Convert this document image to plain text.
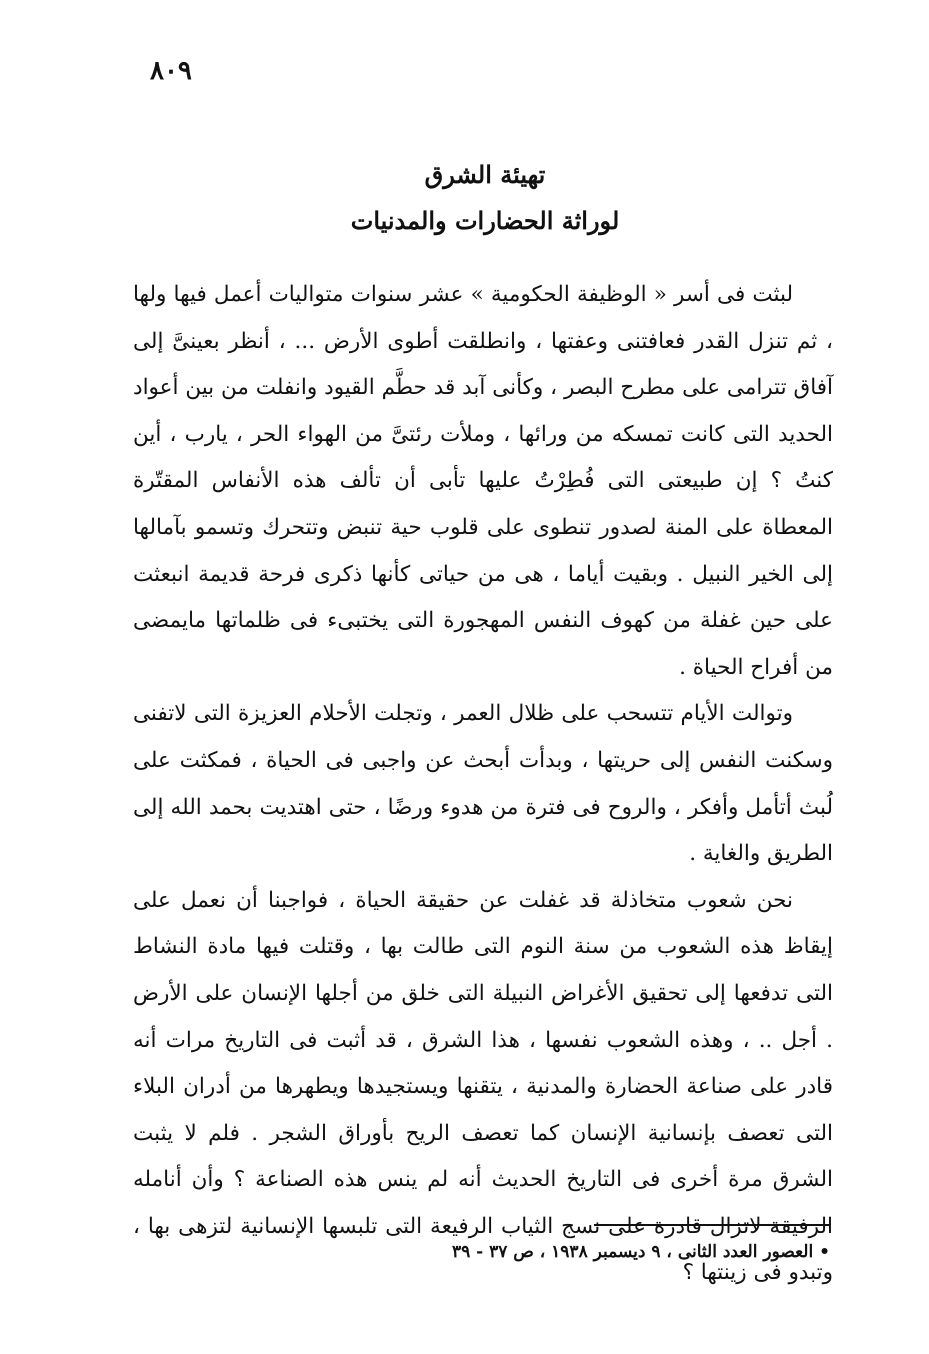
٨٠٩
تهيئة الشرق
لوراثة الحضارات والمدنيات

لبثت فى أسر « الوظيفة الحكومية » عشر سنوات متواليات أعمل فيها ولها ، ثم تنزل القدر فعافتنى وعفتها ، وانطلقت أطوى الأرض ... ، أنظر بعينىَّ إلى آفاق تترامى على مطرح البصر ، وكأنى آبد قد حطَّم القيود وانفلت من بين أعواد الحديد التى كانت تمسكه من ورائها ، وملأت رئتىَّ من الهواء الحر ، يارب ، أين كنتُ ؟ إن طبيعتى التى فُطِرْتُ عليها تأبى أن تألف هذه الأنفاس المقتّرة المعطاة على المنة لصدور تنطوى على قلوب حية تنبض وتتحرك وتسمو بآمالها إلى الخير النبيل . وبقيت أياما ، هى من حياتى كأنها ذكرى فرحة قديمة انبعثت على حين غفلة من كهوف النفس المهجورة التى يختبىء فى ظلماتها مايمضى من أفراح الحياة .

وتوالت الأيام تتسحب على ظلال العمر ، وتجلت الأحلام العزيزة التى لاتفنى وسكنت النفس إلى حريتها ، وبدأت أبحث عن واجبى فى الحياة ، فمكثت على لُبث أتأمل وأفكر ، والروح فى فترة من هدوء ورضًا ، حتى اهتديت بحمد الله إلى الطريق والغاية .

نحن شعوب متخاذلة قد غفلت عن حقيقة الحياة ، فواجبنا أن نعمل على إيقاظ هذه الشعوب من سنة النوم التى طالت بها ، وقتلت فيها مادة النشاط التى تدفعها إلى تحقيق الأغراض النبيلة التى خلق من أجلها الإنسان على الأرض . أجل .. ، وهذه الشعوب نفسها ، هذا الشرق ، قد أثبت فى التاريخ مرات أنه قادر على صناعة الحضارة والمدنية ، يتقنها ويستجيدها ويطهرها من أدران البلاء التى تعصف بإنسانية الإنسان كما تعصف الريح بأوراق الشجر . فلم لا يثبت الشرق مرة أخرى فى التاريخ الحديث أنه لم ينس هذه الصناعة ؟ وأن أنامله الرفيقة لاتزال قادرة على نسج الثياب الرفيعة التى تلبسها الإنسانية لتزهى بها ، وتبدو فى زينتها ؟

• العصور العدد الثانى ، ٩ ديسمبر ١٩٣٨ ، ص ٣٧ - ٣٩
